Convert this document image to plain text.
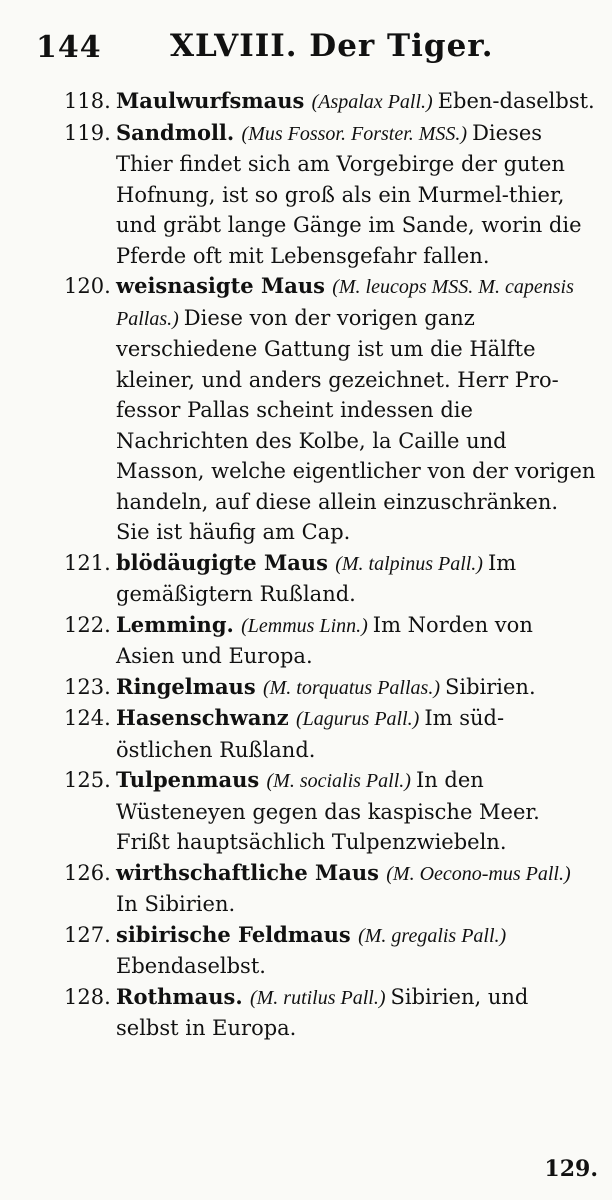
144 XLVIII. Der Tiger.
118. Maulwurfsmaus (Aspalax Pall.) Eben-daselbst.
119. Sandmoll. (Mus Fossor. Forster. MSS.) Dieses Thier findet sich am Vorgebirge der guten Hofnung, ist so groß als ein Murmel-thier, und gräbt lange Gänge im Sande, worin die Pferde oft mit Lebensgefahr fallen.
120. weisnasigte Maus (M. leucops MSS. M. capensis Pallas.) Diese von der vorigen ganz verschiedene Gattung ist um die Hälfte kleiner, und anders gezeichnet. Herr Pro-fessor Pallas scheint indessen die Nachrichten des Kolbe, la Caille und Masson, welche eigentlicher von der vorigen handeln, auf diese allein einzuschränken. Sie ist häufig am Cap.
121. blödäugigte Maus (M. talpinus Pall.) Im gemäßigtern Rußland.
122. Lemming. (Lemmus Linn.) Im Norden von Asien und Europa.
123. Ringelmaus (M. torquatus Pallas.) Sibirien.
124. Hasenschwanz (Lagurus Pall.) Im süd-östlichen Rußland.
125. Tulpenmaus (M. socialis Pall.) In den Wüsteneyen gegen das kaspische Meer. Frißt hauptsächlich Tulpenzwiebeln.
126. wirthschaftliche Maus (M. Oecono-mus Pall.) In Sibirien.
127. sibirische Feldmaus (M. gregalis Pall.) Ebendaselbst.
128. Rothmaus. (M. rutilus Pall.) Sibirien, und selbst in Europa.
129.
